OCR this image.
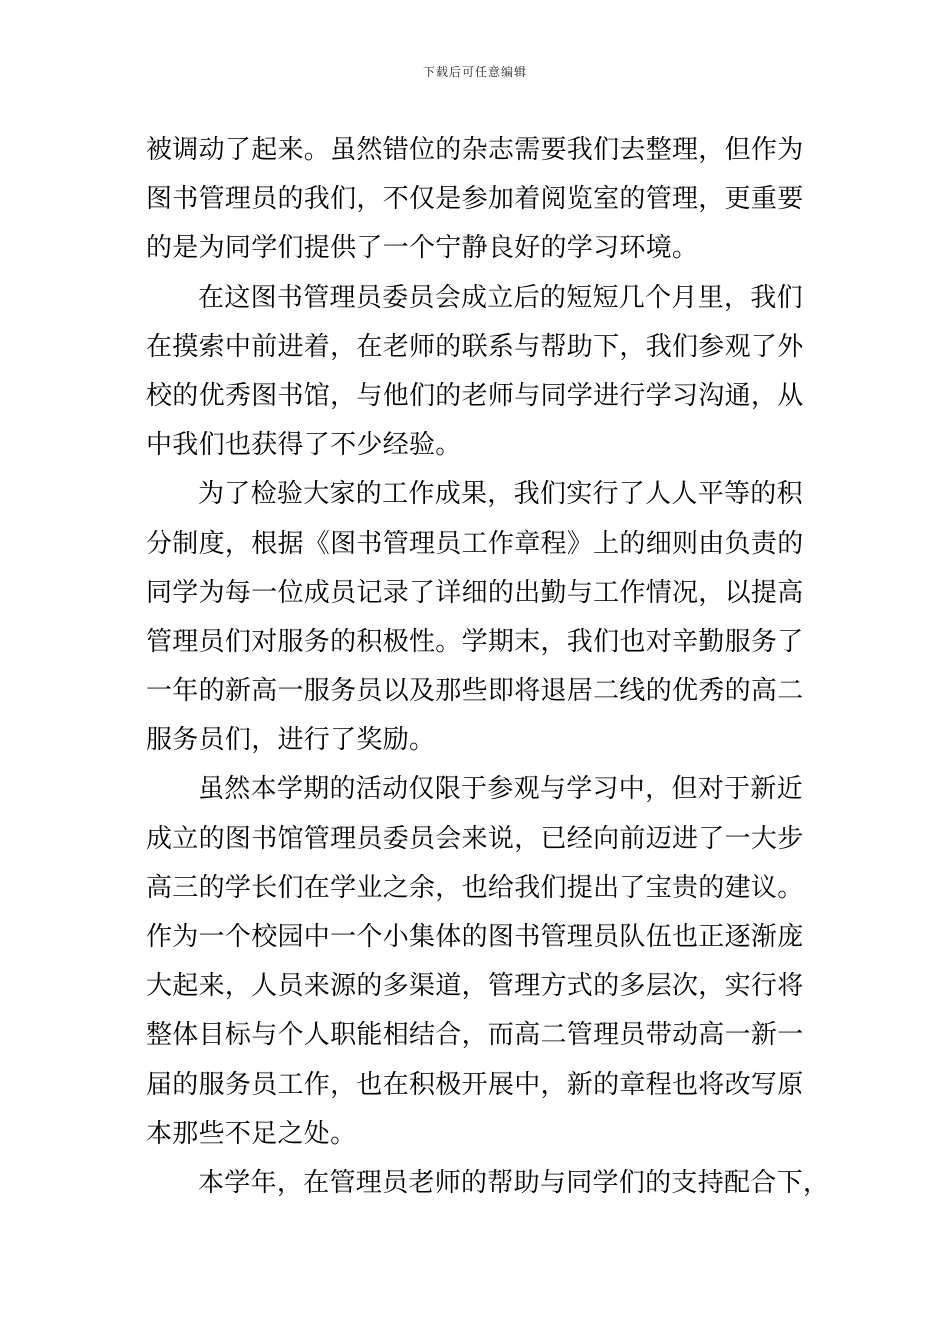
下载后可任意编辑
被调动了起来。虽然错位的杂志需要我们去整理，但作为
图书管理员的我们，不仅是参加着阅览室的管理，更重要
的是为同学们提供了一个宁静良好的学习环境。
在这图书管理员委员会成立后的短短几个月里，我们
在摸索中前进着，在老师的联系与帮助下，我们参观了外
校的优秀图书馆，与他们的老师与同学进行学习沟通，从
中我们也获得了不少经验。
为了检验大家的工作成果，我们实行了人人平等的积
分制度，根据《图书管理员工作章程》上的细则由负责的
同学为每一位成员记录了详细的出勤与工作情况，以提高
管理员们对服务的积极性。学期末，我们也对辛勤服务了
一年的新高一服务员以及那些即将退居二线的优秀的高二
服务员们，进行了奖励。
虽然本学期的活动仅限于参观与学习中，但对于新近
成立的图书馆管理员委员会来说，已经向前迈进了一大步
高三的学长们在学业之余，也给我们提出了宝贵的建议。
作为一个校园中一个小集体的图书管理员队伍也正逐渐庞
大起来，人员来源的多渠道，管理方式的多层次，实行将
整体目标与个人职能相结合，而高二管理员带动高一新一
届的服务员工作，也在积极开展中，新的章程也将改写原
本那些不足之处。
本学年，在管理员老师的帮助与同学们的支持配合下，
